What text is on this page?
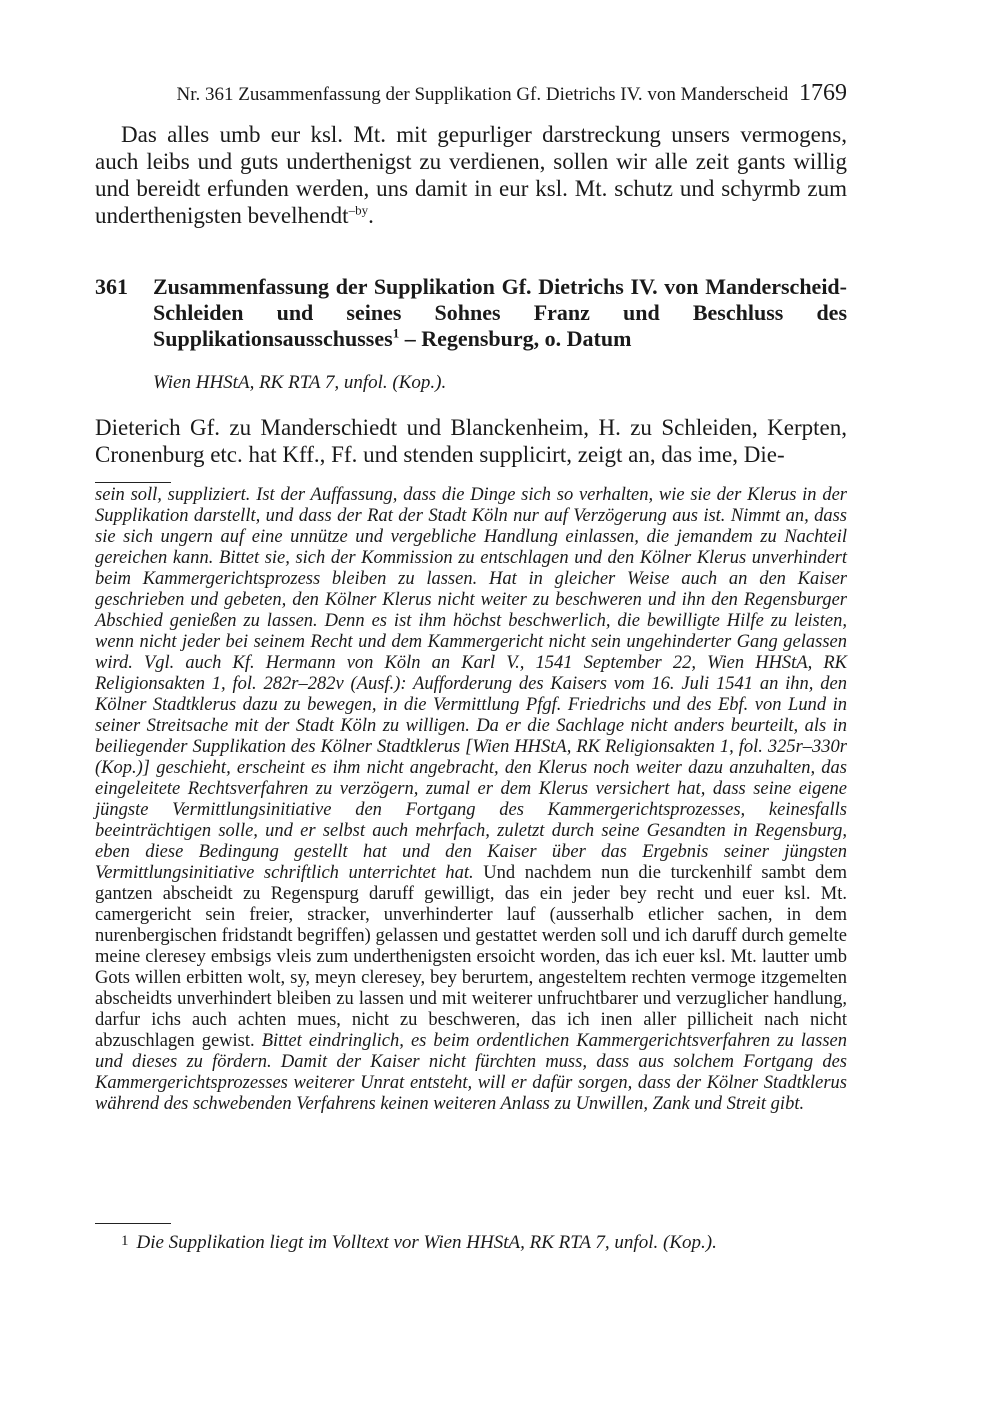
Nr. 361 Zusammenfassung der Supplikation Gf. Dietrichs IV. von Manderscheid 1769

Das alles umb eur ksl. Mt. mit gepurliger darstreckung unsers vermogens, auch leibs und guts underthenigst zu verdienen, sollen wir alle zeit gants willig und bereidt erfunden werden, uns damit in eur ksl. Mt. schutz und schyrmb zum underthenigsten bevelhendt$^{-by}$.

361	Zusammenfassung der Supplikation Gf. Dietrichs IV. von Manderscheid-Schleiden und seines Sohnes Franz und Beschluss des Supplikationsausschusses$^1$ – Regensburg, o. Datum

Wien HHStA, RK RTA 7, unfol. (Kop.).

Dieterich Gf. zu Manderschiedt und Blanckenheim, H. zu Schleiden, Kerpten, Cronenburg etc. hat Kff., Ff. und stenden supplicirt, zeigt an, das ime, Die-

sein soll, suppliziert. Ist der Auffassung, dass die Dinge sich so verhalten, wie sie der Klerus in der Supplikation darstellt, und dass der Rat der Stadt Köln nur auf Verzögerung aus ist. Nimmt an, dass sie sich ungern auf eine unnütze und vergebliche Handlung einlassen, die jemandem zu Nachteil gereichen kann. Bittet sie, sich der Kommission zu entschlagen und den Kölner Klerus unverhindert beim Kammergerichtsprozess bleiben zu lassen. Hat in gleicher Weise auch an den Kaiser geschrieben und gebeten, den Kölner Klerus nicht weiter zu beschweren und ihn den Regensburger Abschied genießen zu lassen. Denn es ist ihm höchst beschwerlich, die bewilligte Hilfe zu leisten, wenn nicht jeder bei seinem Recht und dem Kammergericht nicht sein ungehinderter Gang gelassen wird. Vgl. auch Kf. Hermann von Köln an Karl V., 1541 September 22, Wien HHStA, RK Religionsakten 1, fol. 282r–282v (Ausf.): Aufforderung des Kaisers vom 16. Juli 1541 an ihn, den Kölner Stadtklerus dazu zu bewegen, in die Vermittlung Pfgf. Friedrichs und des Ebf. von Lund in seiner Streitsache mit der Stadt Köln zu willigen. Da er die Sachlage nicht anders beurteilt, als in beiliegender Supplikation des Kölner Stadtklerus [Wien HHStA, RK Religionsakten 1, fol. 325r–330r (Kop.)] geschieht, erscheint es ihm nicht angebracht, den Klerus noch weiter dazu anzuhalten, das eingeleitete Rechtsverfahren zu verzögern, zumal er dem Klerus versichert hat, dass seine eigene jüngste Vermittlungsinitiative den Fortgang des Kammergerichtsprozesses, keinesfalls beeinträchtigen solle, und er selbst auch mehrfach, zuletzt durch seine Gesandten in Regensburg, eben diese Bedingung gestellt hat und den Kaiser über das Ergebnis seiner jüngsten Vermittlungsinitiative schriftlich unterrichtet hat. Und nachdem nun die turckenhilf sambt dem gantzen abscheidt zu Regenspurg daruff gewilligt, das ein jeder bey recht und euer ksl. Mt. camergericht sein freier, stracker, unverhinderter lauf (ausserhalb etlicher sachen, in dem nurenbergischen fridstandt begriffen) gelassen und gestattet werden soll und ich daruff durch gemelte meine cleresey embsigs vleis zum underthenigsten ersoicht worden, das ich euer ksl. Mt. lautter umb Gots willen erbitten wolt, sy, meyn cleresey, bey berurtem, angesteltem rechten vermoge itzgemelten abscheidts unverhindert bleiben zu lassen und mit weiterer unfruchtbarer und verzuglicher handlung, darfur ichs auch achten mues, nicht zu beschweren, das ich inen aller pillicheit nach nicht abzuschlagen gewist. Bittet eindringlich, es beim ordentlichen Kammergerichtsverfahren zu lassen und dieses zu fördern. Damit der Kaiser nicht fürchten muss, dass aus solchem Fortgang des Kammergerichtsprozesses weiterer Unrat entsteht, will er dafür sorgen, dass der Kölner Stadtklerus während des schwebenden Verfahrens keinen weiteren Anlass zu Unwillen, Zank und Streit gibt.

1 Die Supplikation liegt im Volltext vor Wien HHStA, RK RTA 7, unfol. (Kop.).
